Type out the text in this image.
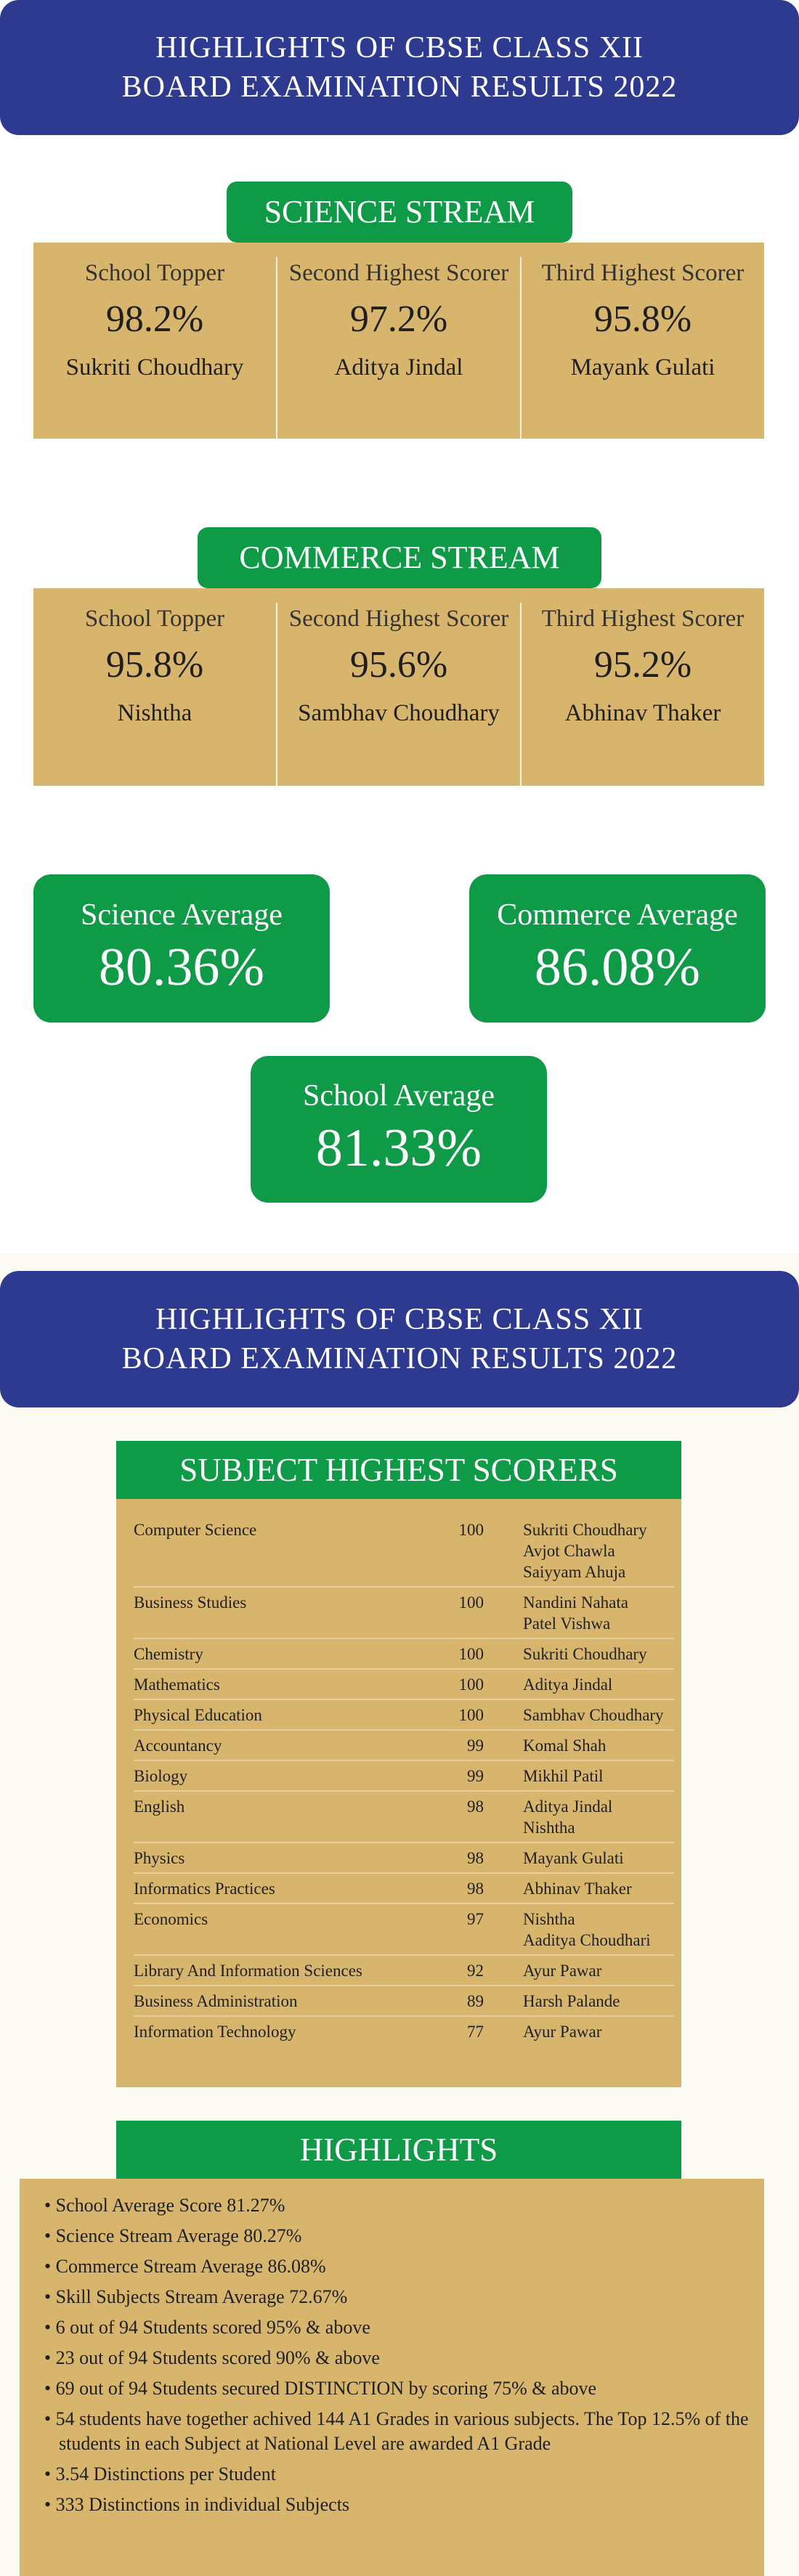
HIGHLIGHTS OF CBSE CLASS XII
BOARD EXAMINATION RESULTS 2022
SCIENCE STREAM
School Topper
98.2%
Sukriti Choudhary
Second Highest Scorer
97.2%
Aditya Jindal
Third Highest Scorer
95.8%
Mayank Gulati
COMMERCE STREAM
School Topper
95.8%
Nishtha
Second Highest Scorer
95.6%
Sambhav Choudhary
Third Highest Scorer
95.2%
Abhinav Thaker
Science Average
80.36%
Commerce Average
86.08%
School Average
81.33%
HIGHLIGHTS OF CBSE CLASS XII
BOARD EXAMINATION RESULTS 2022
SUBJECT HIGHEST SCORERS
Computer Science	100 Sukriti Choudhary
Avjot Chawla
Saiyyam Ahuja
Business Studies	100 Nandini Nahata
Patel Vishwa
Chemistry	100 Sukriti Choudhary
Mathematics	100 Aditya Jindal
Physical Education	100 Sambhav Choudhary
Accountancy	99 Komal Shah
Biology	99 Mikhil Patil
English	98 Aditya Jindal
Nishtha
Physics	98 Mayank Gulati
Informatics Practices	98 Abhinav Thaker
Economics	97 Nishtha
Aaditya Choudhari
Library And Information Sciences	92 Ayur Pawar
Business Administration	89 Harsh Palande
Information Technology	77 Ayur Pawar
HIGHLIGHTS
• School Average Score 81.27%
• Science Stream Average 80.27%
• Commerce Stream Average 86.08%
• Skill Subjects Stream Average 72.67%
• 6 out of 94 Students scored 95% & above
• 23 out of 94 Students scored 90% & above
• 69 out of 94 Students secured DISTINCTION by scoring 75% & above
• 54 students have together achived 144 A1 Grades in various subjects. The Top 12.5% of the students in each Subject at National Level are awarded A1 Grade
• 3.54 Distinctions per Student
• 333 Distinctions in individual Subjects
